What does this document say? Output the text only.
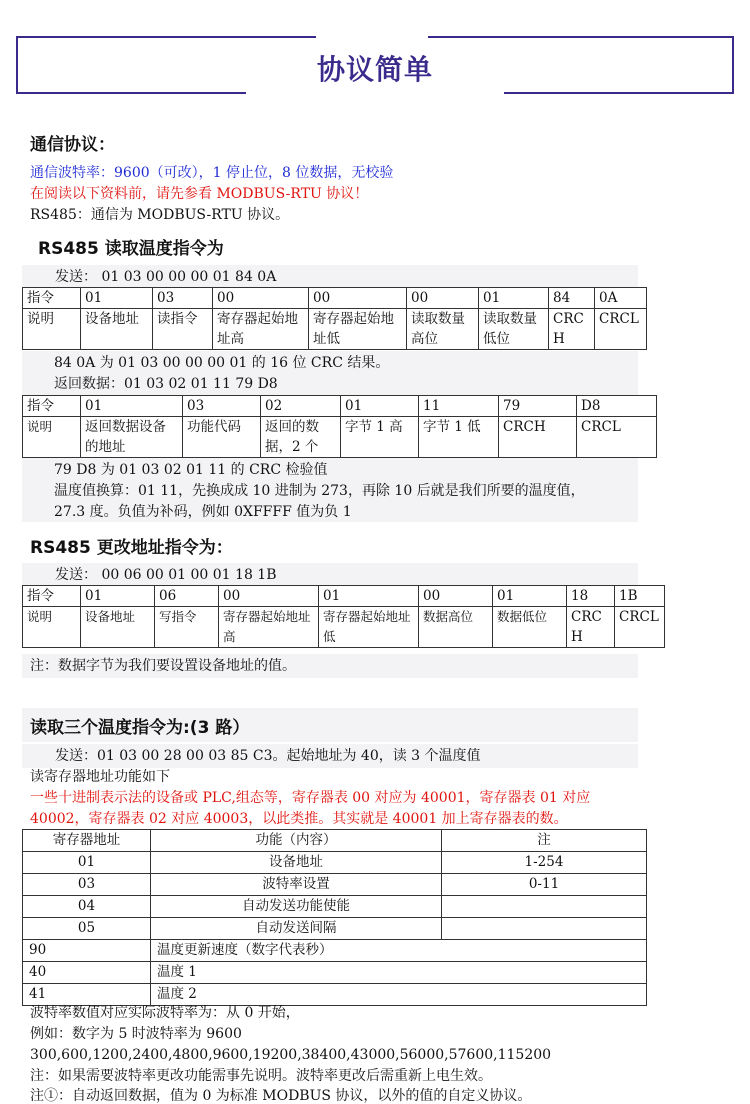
协议简单
通信协议：
通信波特率：9600（可改），1 停止位，8 位数据，无校验
在阅读以下资料前，请先参看 MODBUS-RTU 协议！
RS485：通信为 MODBUS-RTU 协议。
RS485 读取温度指令为
发送： 01 03 00 00 00 01 84 0A
指令	01	03	00	00	00	01	84	0A
说明	设备地址	读指令	寄存器起始地址高	寄存器起始地址低	读取数量高位	读取数量低位	CRCH	CRCL
84 0A 为 01 03 00 00 00 01 的 16 位 CRC 结果。
返回数据：01 03 02 01 11 79 D8
指令	01	03	02	01	11	79	D8
说明	返回数据设备的地址	功能代码	返回的数据，2 个	字节 1 高	字节 1 低	CRCH	CRCL
79 D8 为 01 03 02 01 11 的 CRC 检验值
温度值换算：01 11，先换成成 10 进制为 273，再除 10 后就是我们所要的温度值，
27.3 度。负值为补码，例如 0XFFFF 值为负 1
RS485 更改地址指令为：
发送： 00 06 00 01 00 01 18 1B
指令	01	06	00	01	00	01	18	1B
说明	设备地址	写指令	寄存器起始地址高	寄存器起始地址低	数据高位	数据低位	CRCH	CRCL
注：数据字节为我们要设置设备地址的值。
读取三个温度指令为:(3 路）
发送：01 03 00 28 00 03 85 C3。起始地址为 40，读 3 个温度值
读寄存器地址功能如下
一些十进制表示法的设备或 PLC,组态等，寄存器表 00 对应为 40001，寄存器表 01 对应
40002，寄存器表 02 对应 40003，以此类推。其实就是 40001 加上寄存器表的数。
寄存器地址	功能（内容）	注
01	设备地址	1-254
03	波特率设置	0-11
04	自动发送功能使能	
05	自动发送间隔	
90	温度更新速度（数字代表秒）	
40	温度 1	
41	温度 2	
波特率数值对应实际波特率为：从 0 开始，
例如：数字为 5 时波特率为 9600
300,600,1200,2400,4800,9600,19200,38400,43000,56000,57600,115200
注：如果需要波特率更改功能需事先说明。波特率更改后需重新上电生效。
注①：自动返回数据，值为 0 为标准 MODBUS 协议，以外的值的自定义协议。
